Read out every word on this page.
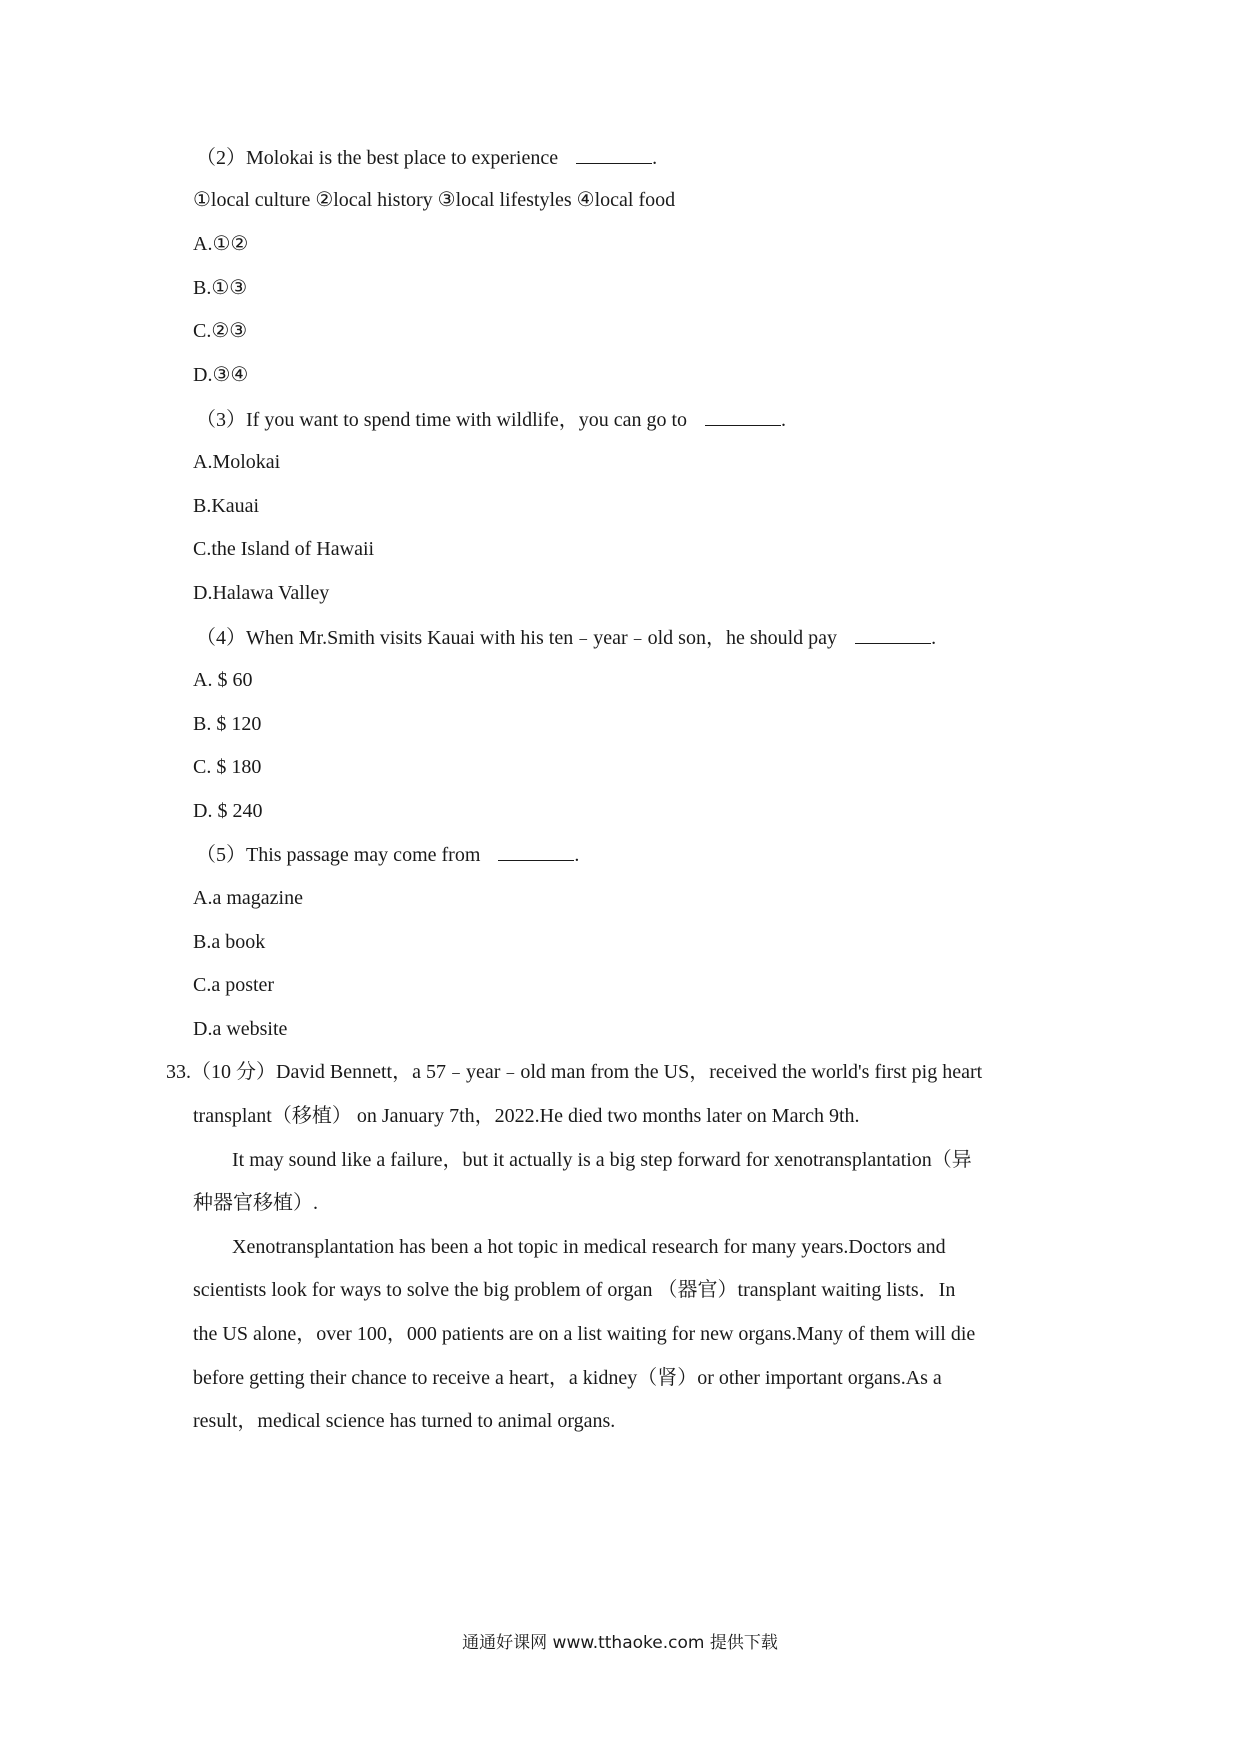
（2）Molokai is the best place to experience	.
①local culture ②local history ③local lifestyles ④local food
A.①②
B.①③
C.②③
D.③④
（3）If you want to spend time with wildlife，you can go to	.
A.Molokai
B.Kauai
C.the Island of Hawaii
D.Halawa Valley
（4）When Mr.Smith visits Kauai with his ten﹣year﹣old son，he should pay	.
A. $ 60
B. $ 120
C. $ 180
D. $ 240
（5）This passage may come from	.
A.a magazine
B.a book
C.a poster
D.a website
33.（10 分）David Bennett，a 57﹣year﹣old man from the US，received the world's first pig heart
transplant（移植） on January 7th，2022.He died two months later on March 9th.
It may sound like a failure，but it actually is a big step forward for xenotransplantation（异
种器官移植）.
Xenotransplantation has been a hot topic in medical research for many years.Doctors and
scientists look for ways to solve the big problem of organ （器官）transplant waiting lists．In
the US alone，over 100，000 patients are on a list waiting for new organs.Many of them will die
before getting their chance to receive a heart，a kidney（肾）or other important organs.As a
result，medical science has turned to animal organs.
通通好课网 www.tthaoke.com 提供下载
